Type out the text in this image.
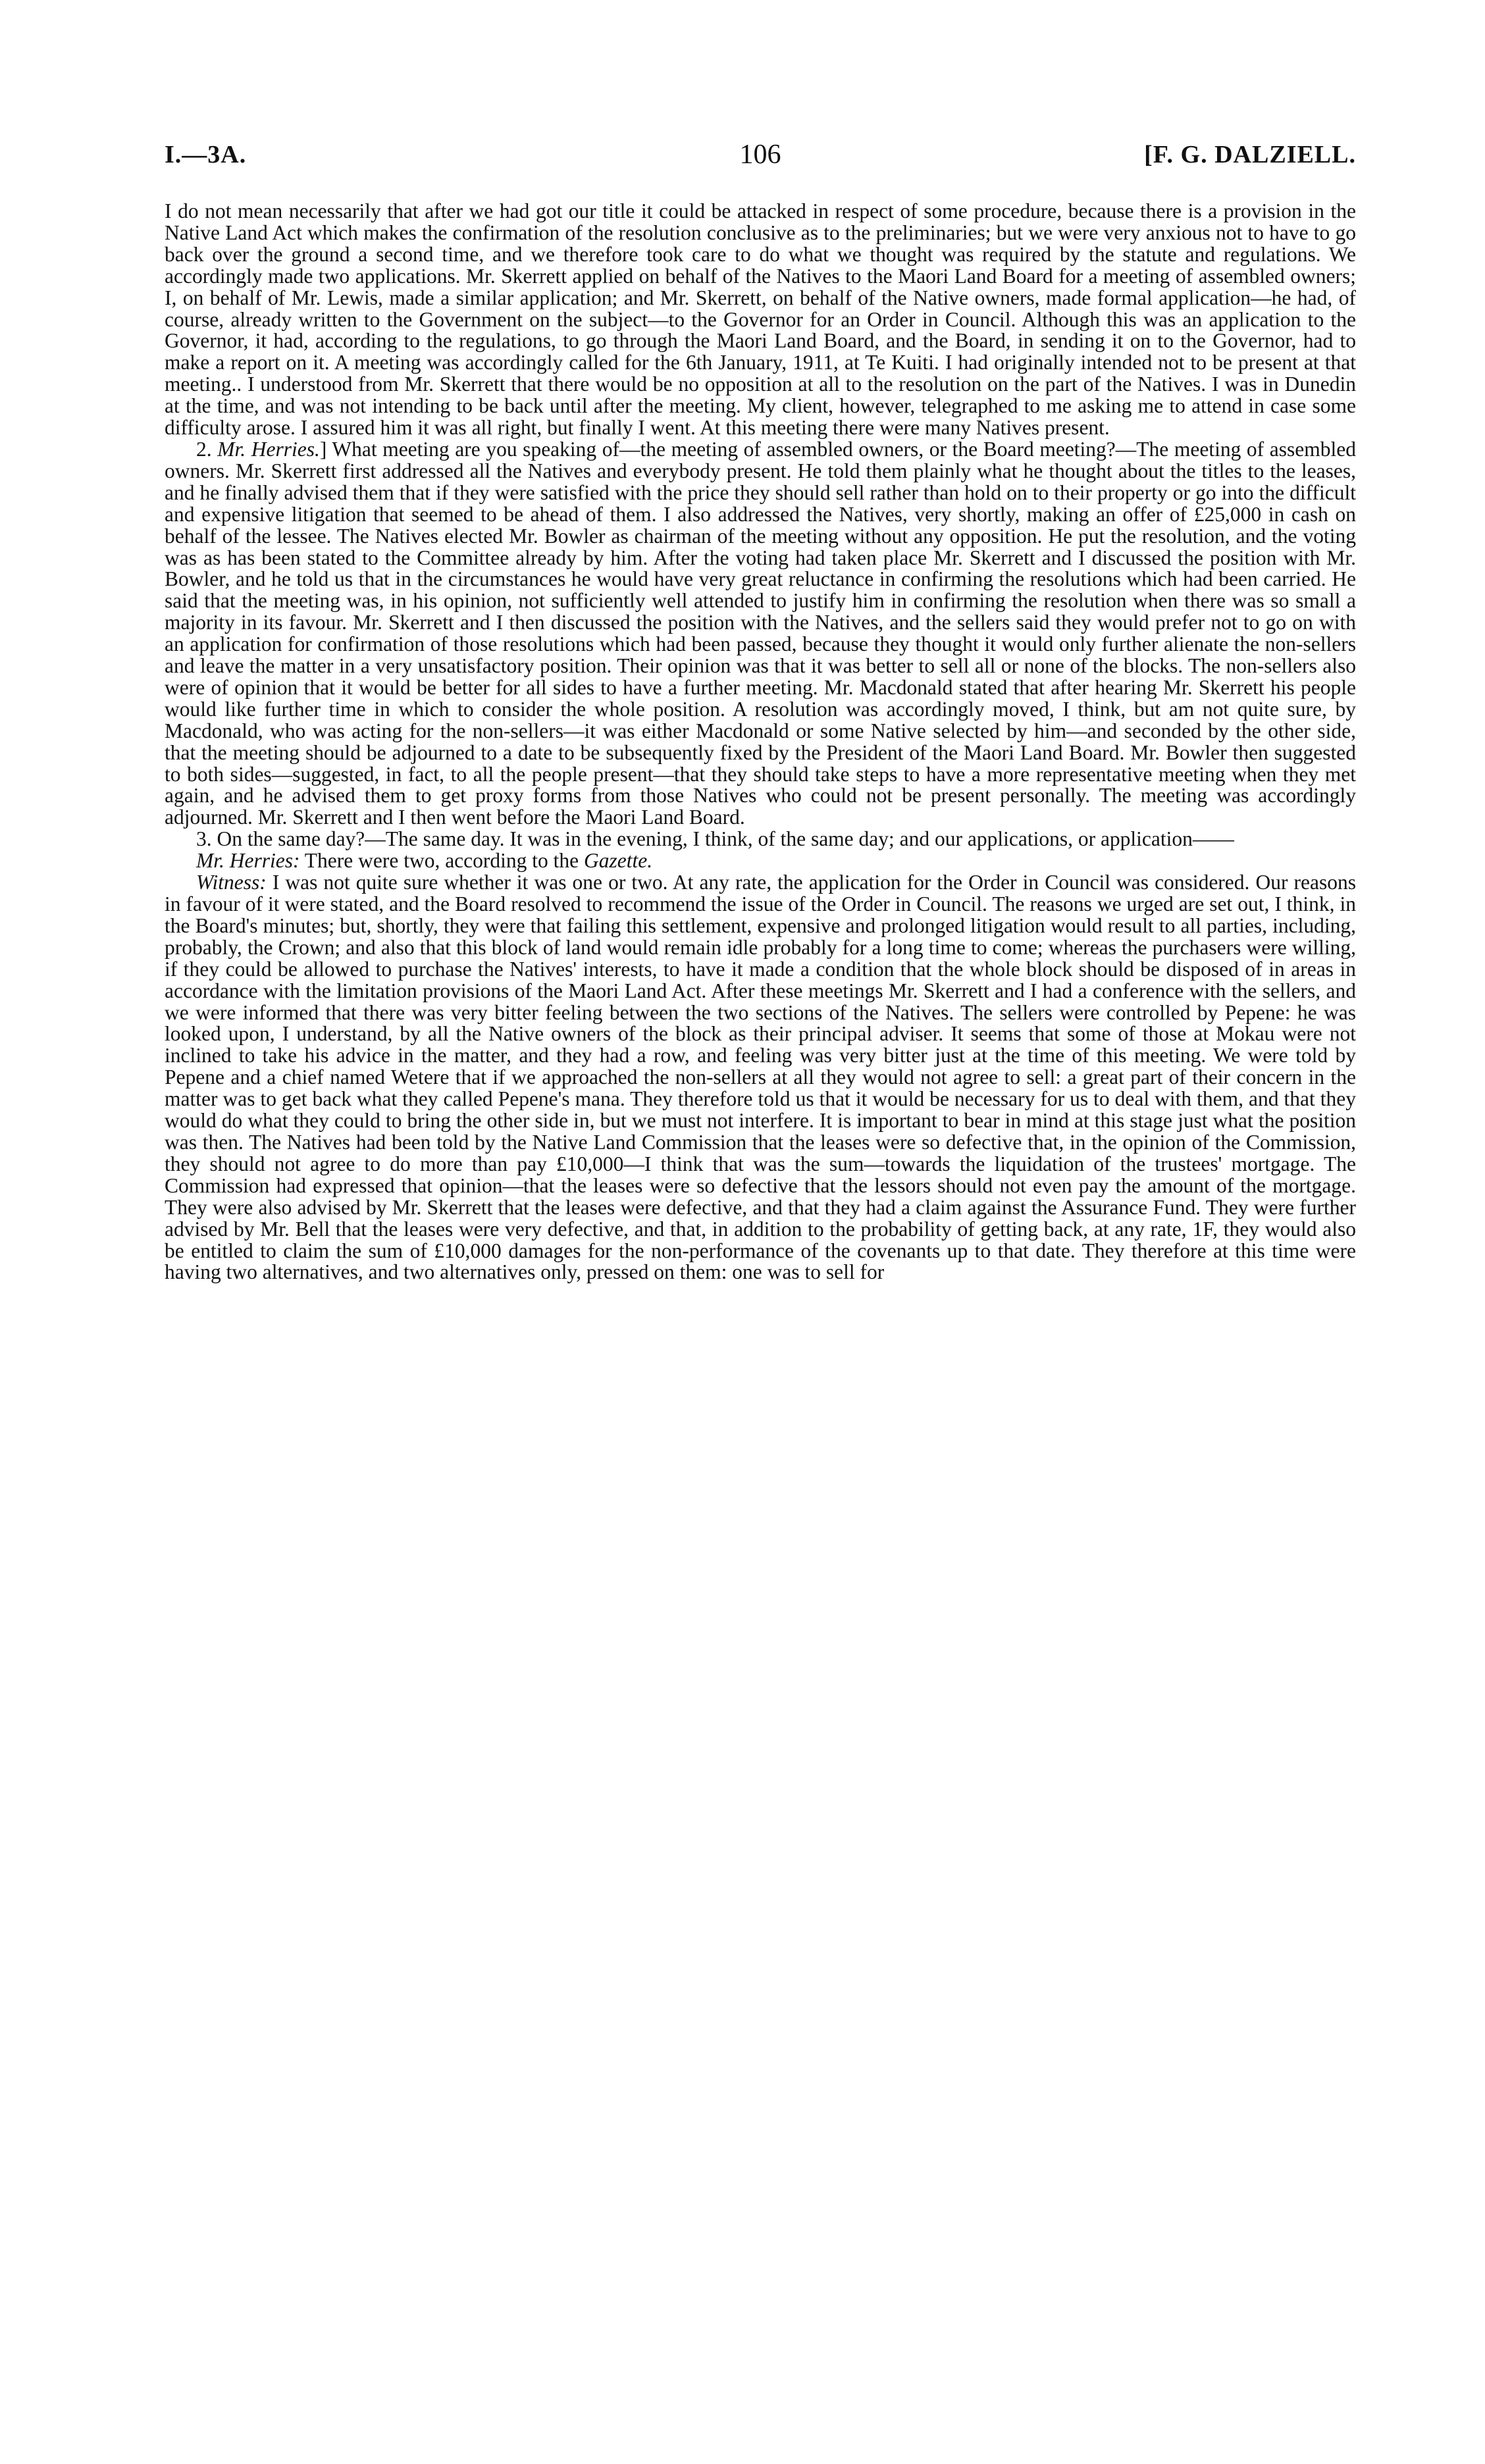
I.—3A.	106	[F. G. DALZIELL.

I do not mean necessarily that after we had got our title it could be attacked in respect of some procedure, because there is a provision in the Native Land Act which makes the confirmation of the resolution conclusive as to the preliminaries; but we were very anxious not to have to go back over the ground a second time, and we therefore took care to do what we thought was required by the statute and regulations. We accordingly made two applications. Mr. Skerrett applied on behalf of the Natives to the Maori Land Board for a meeting of assembled owners; I, on behalf of Mr. Lewis, made a similar application; and Mr. Skerrett, on behalf of the Native owners, made formal application—he had, of course, already written to the Government on the subject—to the Governor for an Order in Council. Although this was an application to the Governor, it had, according to the regulations, to go through the Maori Land Board, and the Board, in sending it on to the Governor, had to make a report on it. A meeting was accordingly called for the 6th January, 1911, at Te Kuiti. I had originally intended not to be present at that meeting.. I understood from Mr. Skerrett that there would be no opposition at all to the resolution on the part of the Natives. I was in Dunedin at the time, and was not intending to be back until after the meeting. My client, however, telegraphed to me asking me to attend in case some difficulty arose. I assured him it was all right, but finally I went. At this meeting there were many Natives present.

2. Mr. Herries.] What meeting are you speaking of—the meeting of assembled owners, or the Board meeting?—The meeting of assembled owners. Mr. Skerrett first addressed all the Natives and everybody present. He told them plainly what he thought about the titles to the leases, and he finally advised them that if they were satisfied with the price they should sell rather than hold on to their property or go into the difficult and expensive litigation that seemed to be ahead of them. I also addressed the Natives, very shortly, making an offer of £25,000 in cash on behalf of the lessee. The Natives elected Mr. Bowler as chairman of the meeting without any opposition. He put the resolution, and the voting was as has been stated to the Committee already by him. After the voting had taken place Mr. Skerrett and I discussed the position with Mr. Bowler, and he told us that in the circumstances he would have very great reluctance in confirming the resolutions which had been carried. He said that the meeting was, in his opinion, not sufficiently well attended to justify him in confirming the resolution when there was so small a majority in its favour. Mr. Skerrett and I then discussed the position with the Natives, and the sellers said they would prefer not to go on with an application for confirmation of those resolutions which had been passed, because they thought it would only further alienate the non-sellers and leave the matter in a very unsatisfactory position. Their opinion was that it was better to sell all or none of the blocks. The non-sellers also were of opinion that it would be better for all sides to have a further meeting. Mr. Macdonald stated that after hearing Mr. Skerrett his people would like further time in which to consider the whole position. A resolution was accordingly moved, I think, but am not quite sure, by Macdonald, who was acting for the non-sellers—it was either Macdonald or some Native selected by him—and seconded by the other side, that the meeting should be adjourned to a date to be subsequently fixed by the President of the Maori Land Board. Mr. Bowler then suggested to both sides—suggested, in fact, to all the people present—that they should take steps to have a more representative meeting when they met again, and he advised them to get proxy forms from those Natives who could not be present personally. The meeting was accordingly adjourned. Mr. Skerrett and I then went before the Maori Land Board.

3. On the same day?—The same day. It was in the evening, I think, of the same day; and our applications, or application——

Mr. Herries: There were two, according to the Gazette.

Witness: I was not quite sure whether it was one or two. At any rate, the application for the Order in Council was considered. Our reasons in favour of it were stated, and the Board resolved to recommend the issue of the Order in Council. The reasons we urged are set out, I think, in the Board's minutes; but, shortly, they were that failing this settlement, expensive and prolonged litigation would result to all parties, including, probably, the Crown; and also that this block of land would remain idle probably for a long time to come; whereas the purchasers were willing, if they could be allowed to purchase the Natives' interests, to have it made a condition that the whole block should be disposed of in areas in accordance with the limitation provisions of the Maori Land Act. After these meetings Mr. Skerrett and I had a conference with the sellers, and we were informed that there was very bitter feeling between the two sections of the Natives. The sellers were controlled by Pepene: he was looked upon, I understand, by all the Native owners of the block as their principal adviser. It seems that some of those at Mokau were not inclined to take his advice in the matter, and they had a row, and feeling was very bitter just at the time of this meeting. We were told by Pepene and a chief named Wetere that if we approached the non-sellers at all they would not agree to sell: a great part of their concern in the matter was to get back what they called Pepene's mana. They therefore told us that it would be necessary for us to deal with them, and that they would do what they could to bring the other side in, but we must not interfere. It is important to bear in mind at this stage just what the position was then. The Natives had been told by the Native Land Commission that the leases were so defective that, in the opinion of the Commission, they should not agree to do more than pay £10,000—I think that was the sum—towards the liquidation of the trustees' mortgage. The Commission had expressed that opinion—that the leases were so defective that the lessors should not even pay the amount of the mortgage. They were also advised by Mr. Skerrett that the leases were defective, and that they had a claim against the Assurance Fund. They were further advised by Mr. Bell that the leases were very defective, and that, in addition to the probability of getting back, at any rate, 1F, they would also be entitled to claim the sum of £10,000 damages for the non-performance of the covenants up to that date. They therefore at this time were having two alternatives, and two alternatives only, pressed on them: one was to sell for
